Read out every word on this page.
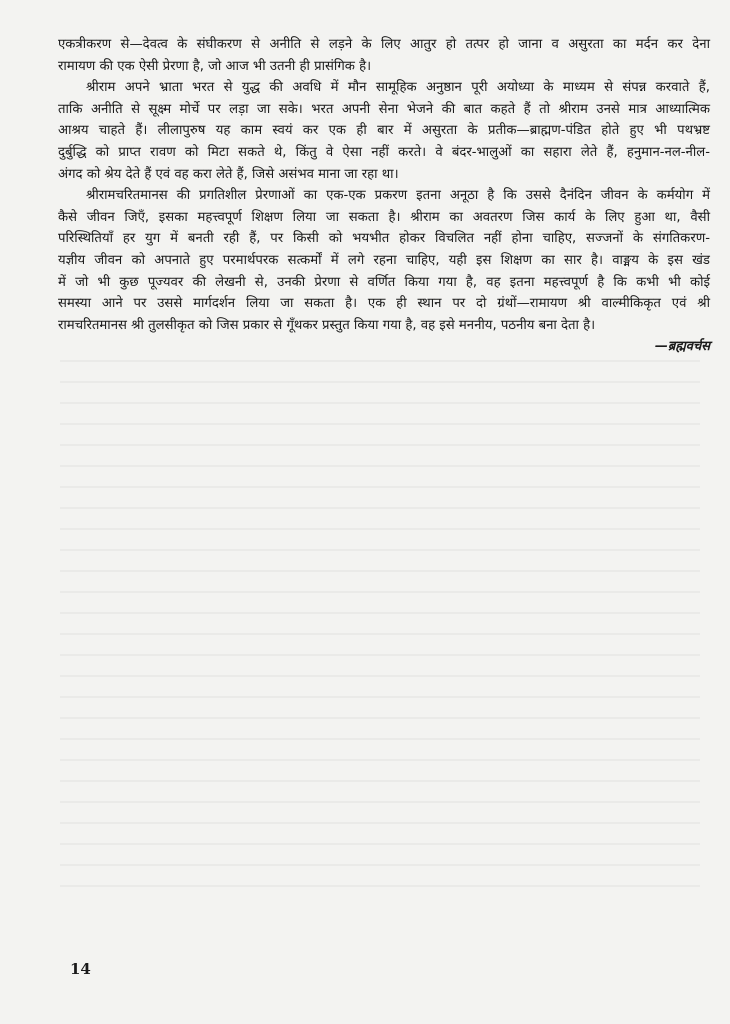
एकत्रीकरण से—देवत्व के संघीकरण से अनीति से लड़ने के लिए आतुर हो तत्पर हो जाना व असुरता का मर्दन कर देना
रामायण की एक ऐसी प्रेरणा है, जो आज भी उतनी ही प्रासंगिक है।
श्रीराम अपने भ्राता भरत से युद्ध की अवधि में मौन सामूहिक अनुष्ठान पूरी अयोध्या के माध्यम से संपन्न करवाते हैं,
ताकि अनीति से सूक्ष्म मोर्चे पर लड़ा जा सके। भरत अपनी सेना भेजने की बात कहते हैं तो श्रीराम उनसे मात्र आध्यात्मिक
आश्रय चाहते हैं। लीलापुरुष यह काम स्वयं कर एक ही बार में असुरता के प्रतीक—ब्राह्मण-पंडित होते हुए भी पथभ्रष्ट
दुर्बुद्धि को प्राप्त रावण को मिटा सकते थे, किंतु वे ऐसा नहीं करते। वे बंदर-भालुओं का सहारा लेते हैं, हनुमान-नल-नील-
अंगद को श्रेय देते हैं एवं वह करा लेते हैं, जिसे असंभव माना जा रहा था।
श्रीरामचरितमानस की प्रगतिशील प्रेरणाओं का एक-एक प्रकरण इतना अनूठा है कि उससे दैनंदिन जीवन के कर्मयोग में
कैसे जीवन जिएँ, इसका महत्त्वपूर्ण शिक्षण लिया जा सकता है। श्रीराम का अवतरण जिस कार्य के लिए हुआ था, वैसी
परिस्थितियाँ हर युग में बनती रही हैं, पर किसी को भयभीत होकर विचलित नहीं होना चाहिए, सज्जनों के संगतिकरण-
यज्ञीय जीवन को अपनाते हुए परमार्थपरक सत्कर्मों में लगे रहना चाहिए, यही इस शिक्षण का सार है। वाङ्मय के इस खंड
में जो भी कुछ पूज्यवर की लेखनी से, उनकी प्रेरणा से वर्णित किया गया है, वह इतना महत्त्वपूर्ण है कि कभी भी कोई
समस्या आने पर उससे मार्गदर्शन लिया जा सकता है। एक ही स्थान पर दो ग्रंथों—रामायण श्री वाल्मीकिकृत एवं श्री
रामचरितमानस श्री तुलसीकृत को जिस प्रकार से गूँथकर प्रस्तुत किया गया है, वह इसे मननीय, पठनीय बना देता है।
—ब्रह्मवर्चस
14
